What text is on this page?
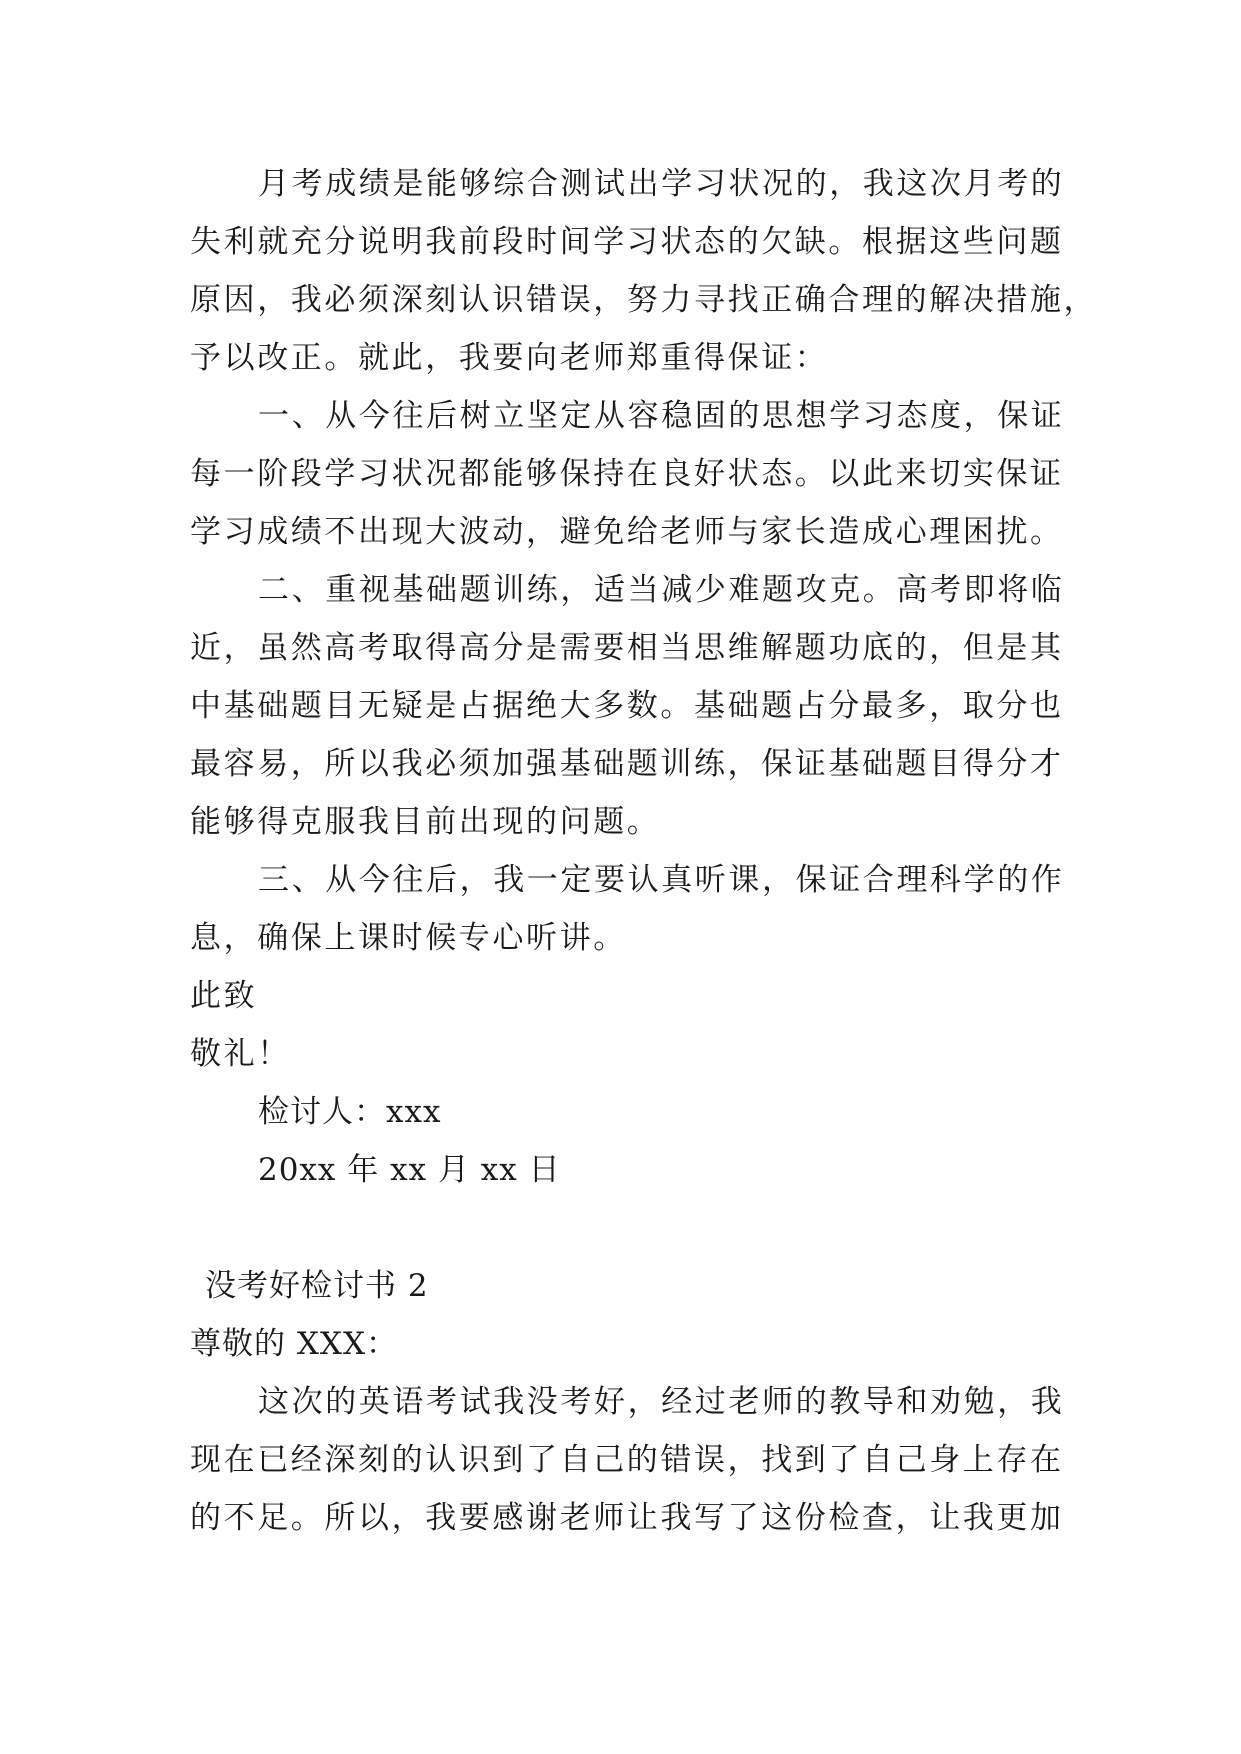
月考成绩是能够综合测试出学习状况的，我这次月考的
失利就充分说明我前段时间学习状态的欠缺。根据这些问题
原因，我必须深刻认识错误，努力寻找正确合理的解决措施，
予以改正。就此，我要向老师郑重得保证：
一、从今往后树立坚定从容稳固的思想学习态度，保证
每一阶段学习状况都能够保持在良好状态。以此来切实保证
学习成绩不出现大波动，避免给老师与家长造成心理困扰。
二、重视基础题训练，适当减少难题攻克。高考即将临
近，虽然高考取得高分是需要相当思维解题功底的，但是其
中基础题目无疑是占据绝大多数。基础题占分最多，取分也
最容易，所以我必须加强基础题训练，保证基础题目得分才
能够得克服我目前出现的问题。
三、从今往后，我一定要认真听课，保证合理科学的作
息，确保上课时候专心听讲。
此致
敬礼！
检讨人：xxx
20xx 年 xx 月 xx 日
没考好检讨书 2
尊敬的 XXX：
这次的英语考试我没考好，经过老师的教导和劝勉，我
现在已经深刻的认识到了自己的错误，找到了自己身上存在
的不足。所以，我要感谢老师让我写了这份检查，让我更加
